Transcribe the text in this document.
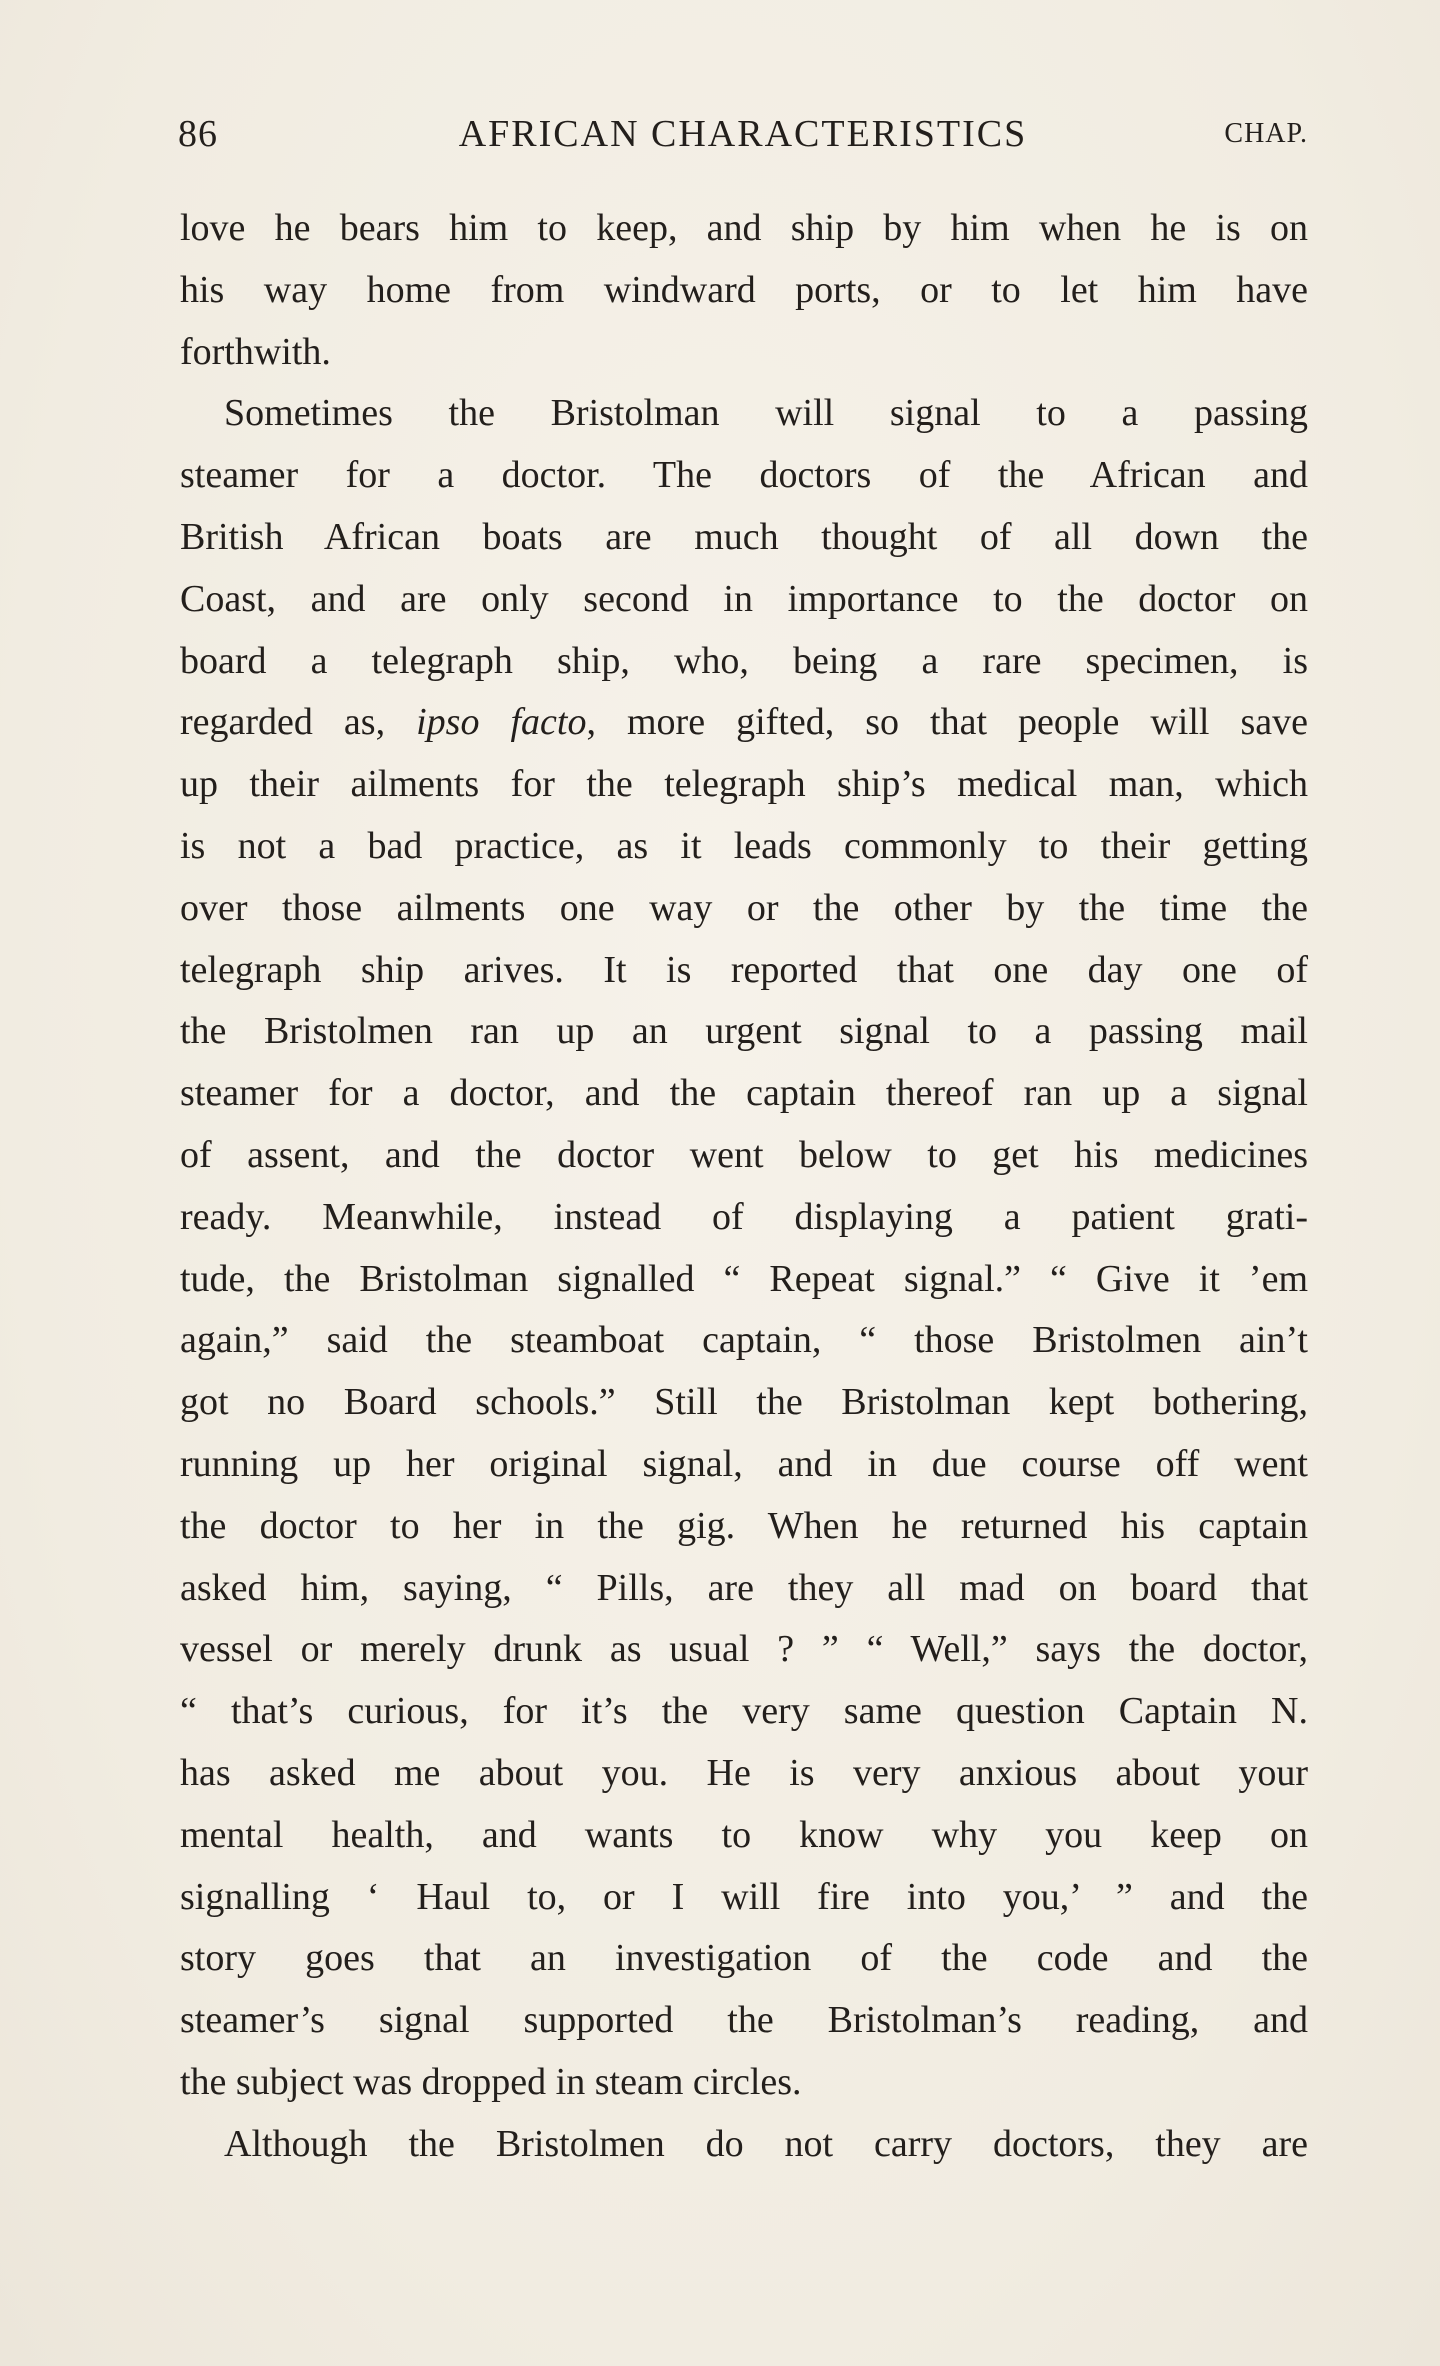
86	AFRICAN CHARACTERISTICS	CHAP.
love he bears him to keep, and ship by him when he is on
his way home from windward ports, or to let him have
forthwith.
Sometimes the Bristolman will signal to a passing
steamer for a doctor. The doctors of the African and
British African boats are much thought of all down the
Coast, and are only second in importance to the doctor on
board a telegraph ship, who, being a rare specimen, is
regarded as, ipso facto, more gifted, so that people will save
up their ailments for the telegraph ship’s medical man, which
is not a bad practice, as it leads commonly to their getting
over those ailments one way or the other by the time the
telegraph ship arives. It is reported that one day one of
the Bristolmen ran up an urgent signal to a passing mail
steamer for a doctor, and the captain thereof ran up a signal
of assent, and the doctor went below to get his medicines
ready. Meanwhile, instead of displaying a patient grati-
tude, the Bristolman signalled “ Repeat signal.” “ Give it ’em
again,” said the steamboat captain, “ those Bristolmen ain’t
got no Board schools.” Still the Bristolman kept bothering,
running up her original signal, and in due course off went
the doctor to her in the gig. When he returned his captain
asked him, saying, “ Pills, are they all mad on board that
vessel or merely drunk as usual ? ” “ Well,” says the doctor,
“ that’s curious, for it’s the very same question Captain N.
has asked me about you. He is very anxious about your
mental health, and wants to know why you keep on
signalling ‘ Haul to, or I will fire into you,’ ” and the
story goes that an investigation of the code and the
steamer’s signal supported the Bristolman’s reading, and
the subject was dropped in steam circles.
Although the Bristolmen do not carry doctors, they are
